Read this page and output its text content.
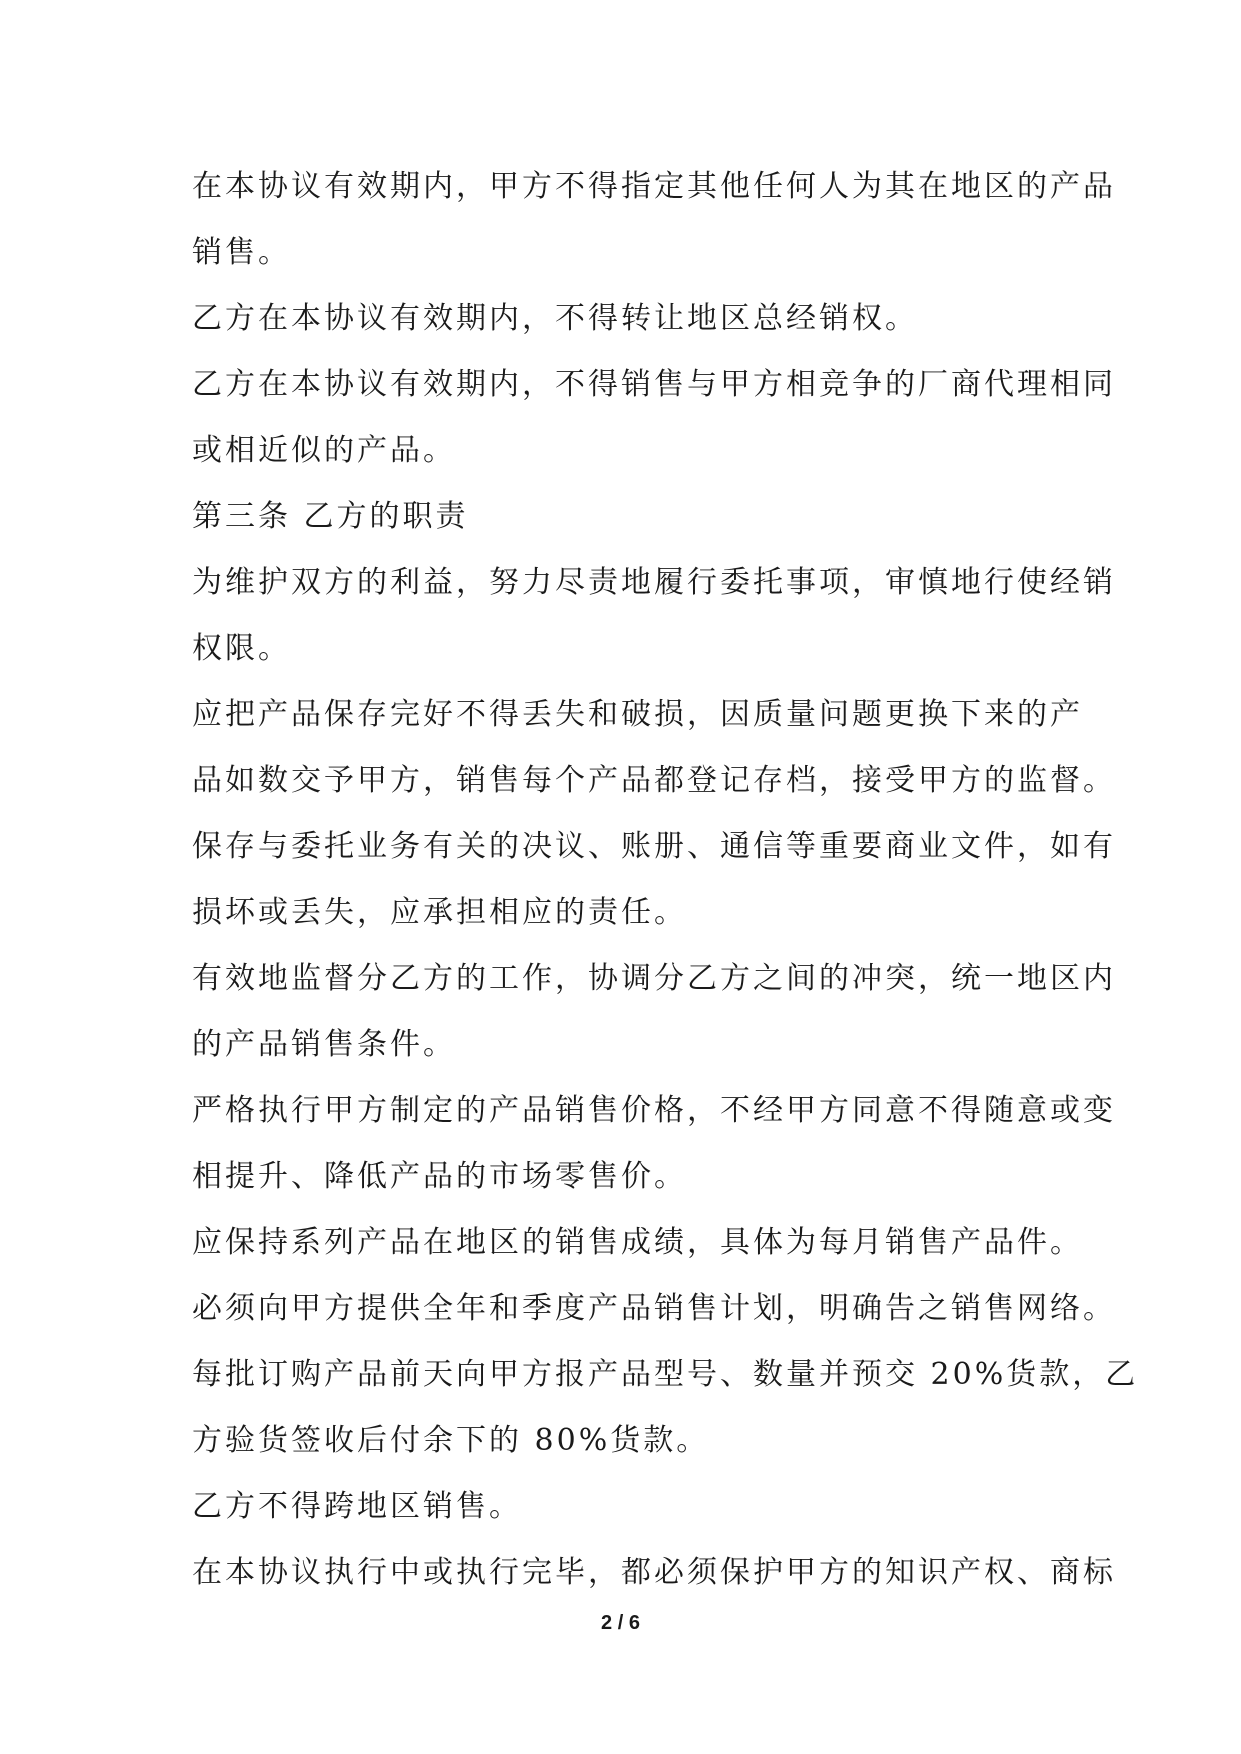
在本协议有效期内，甲方不得指定其他任何人为其在地区的产品
销售。
乙方在本协议有效期内，不得转让地区总经销权。
乙方在本协议有效期内，不得销售与甲方相竞争的厂商代理相同
或相近似的产品。
第三条 乙方的职责
为维护双方的利益，努力尽责地履行委托事项，审慎地行使经销
权限。
应把产品保存完好不得丢失和破损，因质量问题更换下来的产
品如数交予甲方，销售每个产品都登记存档，接受甲方的监督。
保存与委托业务有关的决议、账册、通信等重要商业文件，如有
损坏或丢失，应承担相应的责任。
有效地监督分乙方的工作，协调分乙方之间的冲突，统一地区内
的产品销售条件。
严格执行甲方制定的产品销售价格，不经甲方同意不得随意或变
相提升、降低产品的市场零售价。
应保持系列产品在地区的销售成绩，具体为每月销售产品件。
必须向甲方提供全年和季度产品销售计划，明确告之销售网络。
每批订购产品前天向甲方报产品型号、数量并预交 20%货款，乙
方验货签收后付余下的 80%货款。
乙方不得跨地区销售。
在本协议执行中或执行完毕，都必须保护甲方的知识产权、商标
2 / 6
